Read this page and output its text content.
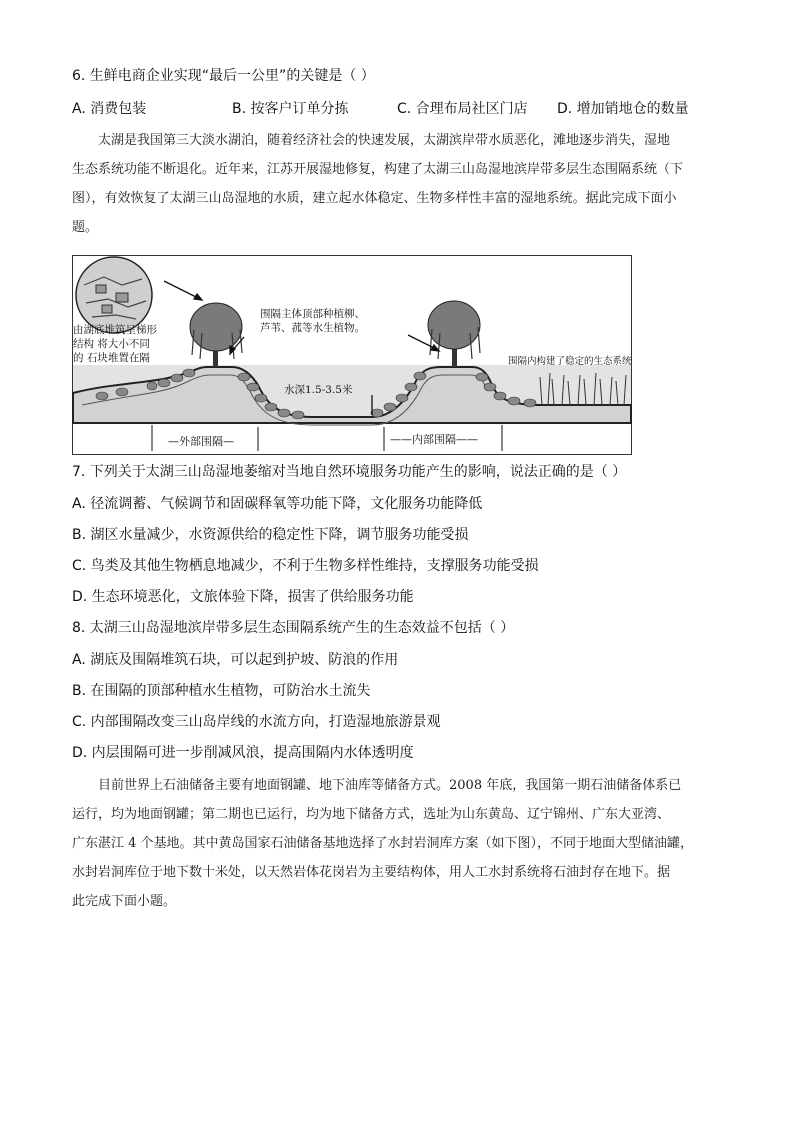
6. 生鲜电商企业实现“最后一公里”的关键是（ ）
A. 消费包装	B. 按客户订单分拣	C. 合理布局社区门店 D. 增加销地仓的数量
太湖是我国第三大淡水湖泊，随着经济社会的快速发展，太湖滨岸带水质恶化，滩地逐步消失，湿地
生态系统功能不断退化。近年来，江苏开展湿地修复，构建了太湖三山岛湿地滨岸带多层生态围隔系统（下
图），有效恢复了太湖三山岛湿地的水质，建立起水体稳定、生物多样性丰富的湿地系统。据此完成下面小
题。
由湖底堆筑呈梯形
结构 将大小不同
的 石块堆置在隔
围隔主体顶部种植柳、
芦苇、菰等水生植物。
水深1.5-3.5米
围隔内构建了稳定的生态系统
—外部围隔—	——内部围隔——
7. 下列关于太湖三山岛湿地萎缩对当地自然环境服务功能产生的影响，说法正确的是（ ）
A. 径流调蓄、气候调节和固碳释氧等功能下降，文化服务功能降低
B. 湖区水量减少，水资源供给的稳定性下降，调节服务功能受损
C. 鸟类及其他生物栖息地减少，不利于生物多样性维持，支撑服务功能受损
D. 生态环境恶化，文旅体验下降，损害了供给服务功能
8. 太湖三山岛湿地滨岸带多层生态围隔系统产生的生态效益不包括（ ）
A. 湖底及围隔堆筑石块，可以起到护坡、防浪的作用
B. 在围隔的顶部种植水生植物，可防治水土流失
C. 内部围隔改变三山岛岸线的水流方向，打造湿地旅游景观
D. 内层围隔可进一步削减风浪，提高围隔内水体透明度
目前世界上石油储备主要有地面钢罐、地下油库等储备方式。2008 年底，我国第一期石油储备体系已
运行，均为地面钢罐；第二期也已运行，均为地下储备方式，选址为山东黄岛、辽宁锦州、广东大亚湾、
广东湛江 4 个基地。其中黄岛国家石油储备基地选择了水封岩洞库方案（如下图），不同于地面大型储油罐，
水封岩洞库位于地下数十米处，以天然岩体花岗岩为主要结构体，用人工水封系统将石油封存在地下。据
此完成下面小题。
